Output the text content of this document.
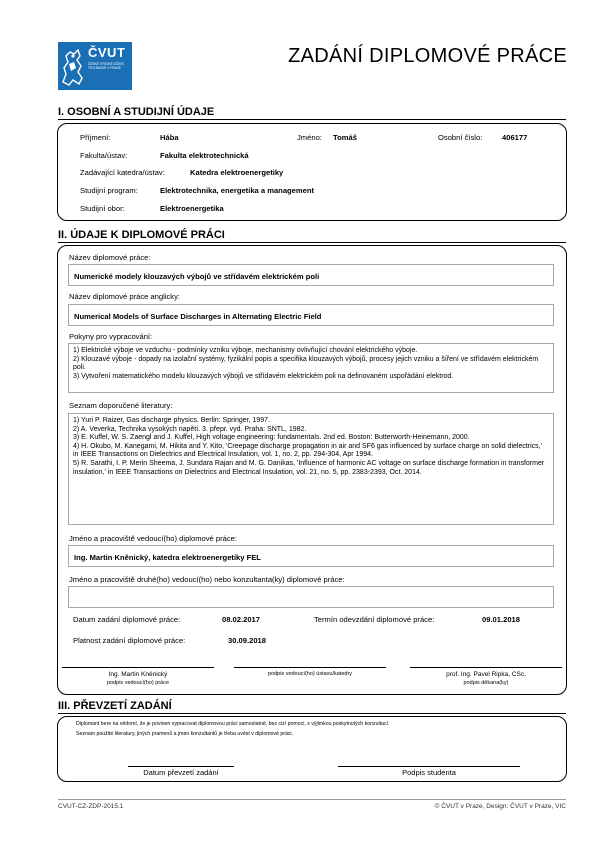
ČVUT
ČESKÉ VYSOKÉ UČENÍ TECHNICKÉ V PRAZE
ZADÁNÍ DIPLOMOVÉ PRÁCE
I. OSOBNÍ A STUDIJNÍ ÚDAJE
Příjmení:	Hába	Jméno: Tomáš	Osobní číslo:	406177
Fakulta/ústav:	Fakulta elektrotechnická
Zadávající katedra/ústav:	Katedra elektroenergetiky
Studijní program:	Elektrotechnika, energetika a management
Studijní obor:	Elektroenergetika
II. ÚDAJE K DIPLOMOVÉ PRÁCI
Název diplomové práce:
Numerické modely klouzavých výbojů ve střídavém elektrickém poli
Název diplomové práce anglicky:
Numerical Models of Surface Discharges in Alternating Electric Field
Pokyny pro vypracování:
1) Elektrické výboje ve vzduchu - podmínky vzniku výboje, mechanismy ovlivňující chování elektrického výboje.
2) Klouzavé výboje - dopady na izolační systémy, fyzikální popis a specifika klouzavých výbojů, procesy jejich vzniku a šíření ve střídavém elektrickém poli.
3) Vytvoření matematického modelu klouzavých výbojů ve střídavém elektrickém poli na definovaném uspořádání elektrod.
Seznam doporučené literatury:
1) Yuri P. Raizer, Gas discharge physics. Berlin: Springer, 1997.
2) A. Veverka, Technika vysokých napětí. 3. přepr. vyd. Praha: SNTL, 1982.
3) E. Kuffel, W. S. Zaengl and J. Kuffel, High voltage engineering: fundamentals. 2nd ed. Boston: Butterworth-Heinemann, 2000.
4) H. Okubo, M. Kanegami, M. Hikita and Y. Kito, 'Creepage discharge propagation in air and SF6 gas influenced by surface charge on solid dielectrics,' in IEEE Transactions on Dielectrics and Electrical Insulation, vol. 1, no. 2, pp. 294-304, Apr 1994.
5) R. Sarathi, I. P. Merin Sheema, J. Sundara Rajan and M. G. Danikas, 'Influence of harmonic AC voltage on surface discharge formation in transformer insulation,' in IEEE Transactions on Dielectrics and Electrical Insulation, vol. 21, no. 5, pp. 2383-2393, Oct. 2014.
Jméno a pracoviště vedoucí(ho) diplomové práce:
Ing. Martin Kněnický, katedra elektroenergetiky FEL
Jméno a pracoviště druhé(ho) vedoucí(ho) nebo konzultanta(ky) diplomové práce:
Datum zadání diplomové práce:	08.02.2017	Termín odevzdání diplomové práce:	09.01.2018
Platnost zadání diplomové práce:	30.09.2018
Ing. Martin Kněnický
podpis vedoucí(ho) práce
podpis vedoucí(ho) ústavu/katedry	prof. Ing. Pavel Ripka, CSc.
podpis děkana(ky)
III. PŘEVZETÍ ZADÁNÍ
Diplomant bere na vědomí, že je povinen vypracovat diplomovou práci samostatně, bez cizí pomoci, s výjimkou poskytnutých konzultací.
Seznam použité literatury, jiných pramenů a jmen konzultantů je třeba uvést v diplomové práci.
Datum převzetí zadání	Podpis studenta
CVUT-CZ-ZDP-2015.1	© ČVUT v Praze, Design: ČVUT v Praze, VIC
